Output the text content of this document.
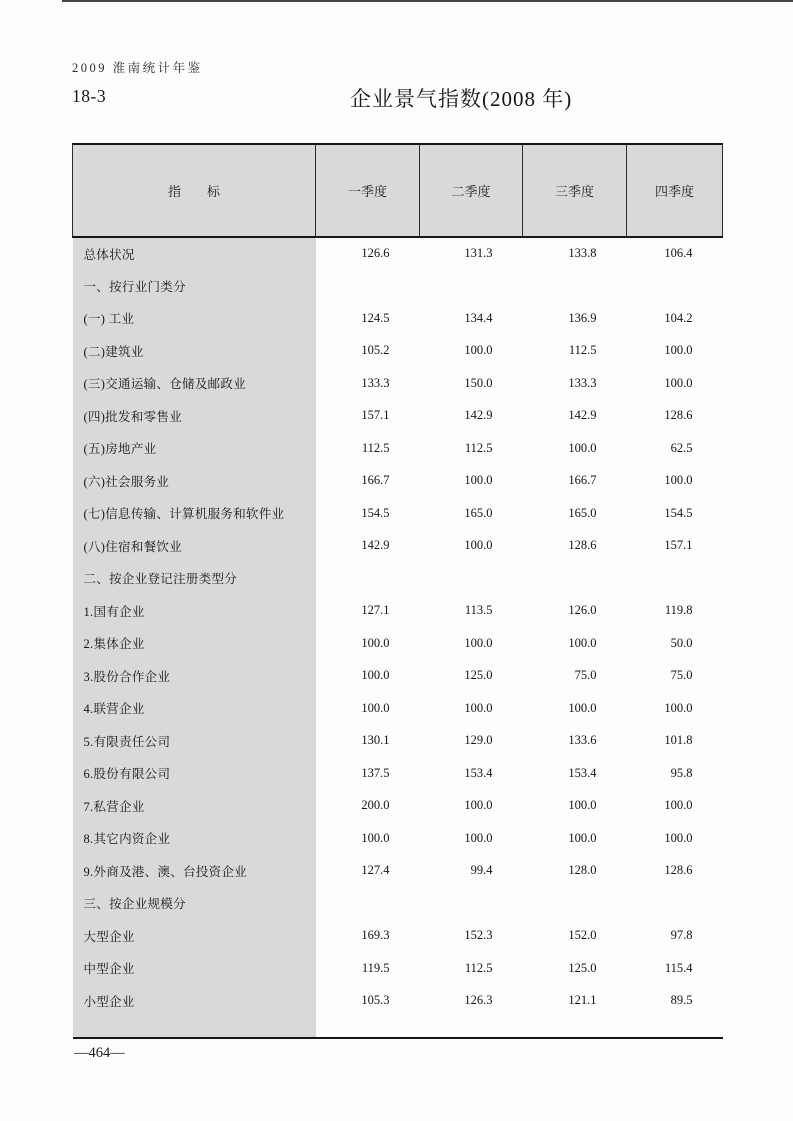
2009 淮南统计年鉴
18-3	企业景气指数(2008 年)
指　　标	一季度	二季度	三季度	四季度
总体状况	126.6	131.3	133.8	106.4
一、按行业门类分				
(一) 工业	124.5	134.4	136.9	104.2
(二)建筑业	105.2	100.0	112.5	100.0
(三)交通运输、仓储及邮政业	133.3	150.0	133.3	100.0
(四)批发和零售业	157.1	142.9	142.9	128.6
(五)房地产业	112.5	112.5	100.0	62.5
(六)社会服务业	166.7	100.0	166.7	100.0
(七)信息传输、计算机服务和软件业	154.5	165.0	165.0	154.5
(八)住宿和餐饮业	142.9	100.0	128.6	157.1
二、按企业登记注册类型分				
1.国有企业	127.1	113.5	126.0	119.8
2.集体企业	100.0	100.0	100.0	50.0
3.股份合作企业	100.0	125.0	75.0	75.0
4.联营企业	100.0	100.0	100.0	100.0
5.有限责任公司	130.1	129.0	133.6	101.8
6.股份有限公司	137.5	153.4	153.4	95.8
7.私营企业	200.0	100.0	100.0	100.0
8.其它内资企业	100.0	100.0	100.0	100.0
9.外商及港、澳、台投资企业	127.4	99.4	128.0	128.6
三、按企业规模分				
大型企业	169.3	152.3	152.0	97.8
中型企业	119.5	112.5	125.0	115.4
小型企业	105.3	126.3	121.1	89.5

—464—
